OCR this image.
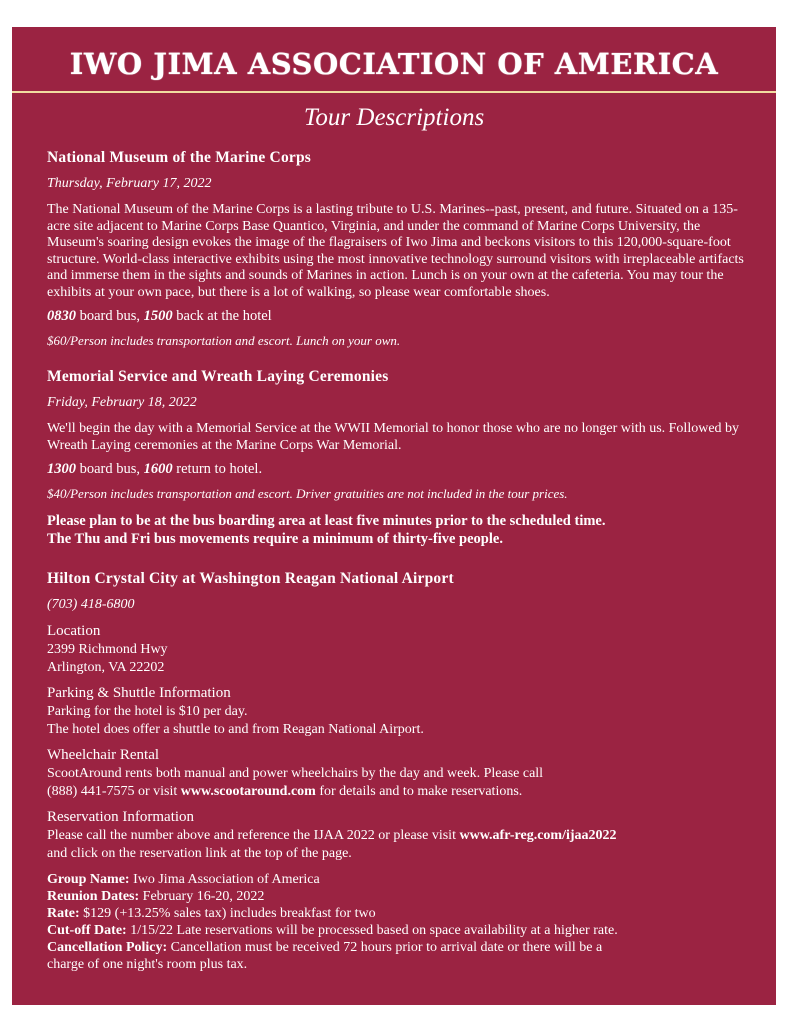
IWO JIMA ASSOCIATION OF AMERICA
Tour Descriptions

National Museum of the Marine Corps

Thursday, February 17, 2022

The National Museum of the Marine Corps is a lasting tribute to U.S. Marines--past, present, and future. Situated on a 135-acre site adjacent to Marine Corps Base Quantico, Virginia, and under the command of Marine Corps University, the Museum's soaring design evokes the image of the flagraisers of Iwo Jima and beckons visitors to this 120,000-square-foot structure. World-class interactive exhibits using the most innovative technology surround visitors with irreplaceable artifacts and immerse them in the sights and sounds of Marines in action. Lunch is on your own at the cafeteria. You may tour the exhibits at your own pace, but there is a lot of walking, so please wear comfortable shoes.

0830 board bus, 1500 back at the hotel

$60/Person includes transportation and escort. Lunch on your own.

Memorial Service and Wreath Laying Ceremonies

Friday, February 18, 2022

We'll begin the day with a Memorial Service at the WWII Memorial to honor those who are no longer with us. Followed by Wreath Laying ceremonies at the Marine Corps War Memorial.

1300 board bus, 1600 return to hotel.

$40/Person includes transportation and escort. Driver gratuities are not included in the tour prices.

Please plan to be at the bus boarding area at least five minutes prior to the scheduled time.

The Thu and Fri bus movements require a minimum of thirty-five people.

Hilton Crystal City at Washington Reagan National Airport

(703) 418-6800

Location

2399 Richmond Hwy

Arlington, VA 22202

Parking & Shuttle Information

Parking for the hotel is $10 per day.

The hotel does offer a shuttle to and from Reagan National Airport.

Wheelchair Rental

ScootAround rents both manual and power wheelchairs by the day and week. Please call

(888) 441-7575 or visit www.scootaround.com for details and to make reservations.

Reservation Information

Please call the number above and reference the IJAA 2022 or please visit www.afr-reg.com/ijaa2022

and click on the reservation link at the top of the page.

Group Name: Iwo Jima Association of America

Reunion Dates: February 16-20, 2022

Rate: $129 (+13.25% sales tax) includes breakfast for two

Cut-off Date: 1/15/22 Late reservations will be processed based on space availability at a higher rate.

Cancellation Policy: Cancellation must be received 72 hours prior to arrival date or there will be a

charge of one night's room plus tax.
